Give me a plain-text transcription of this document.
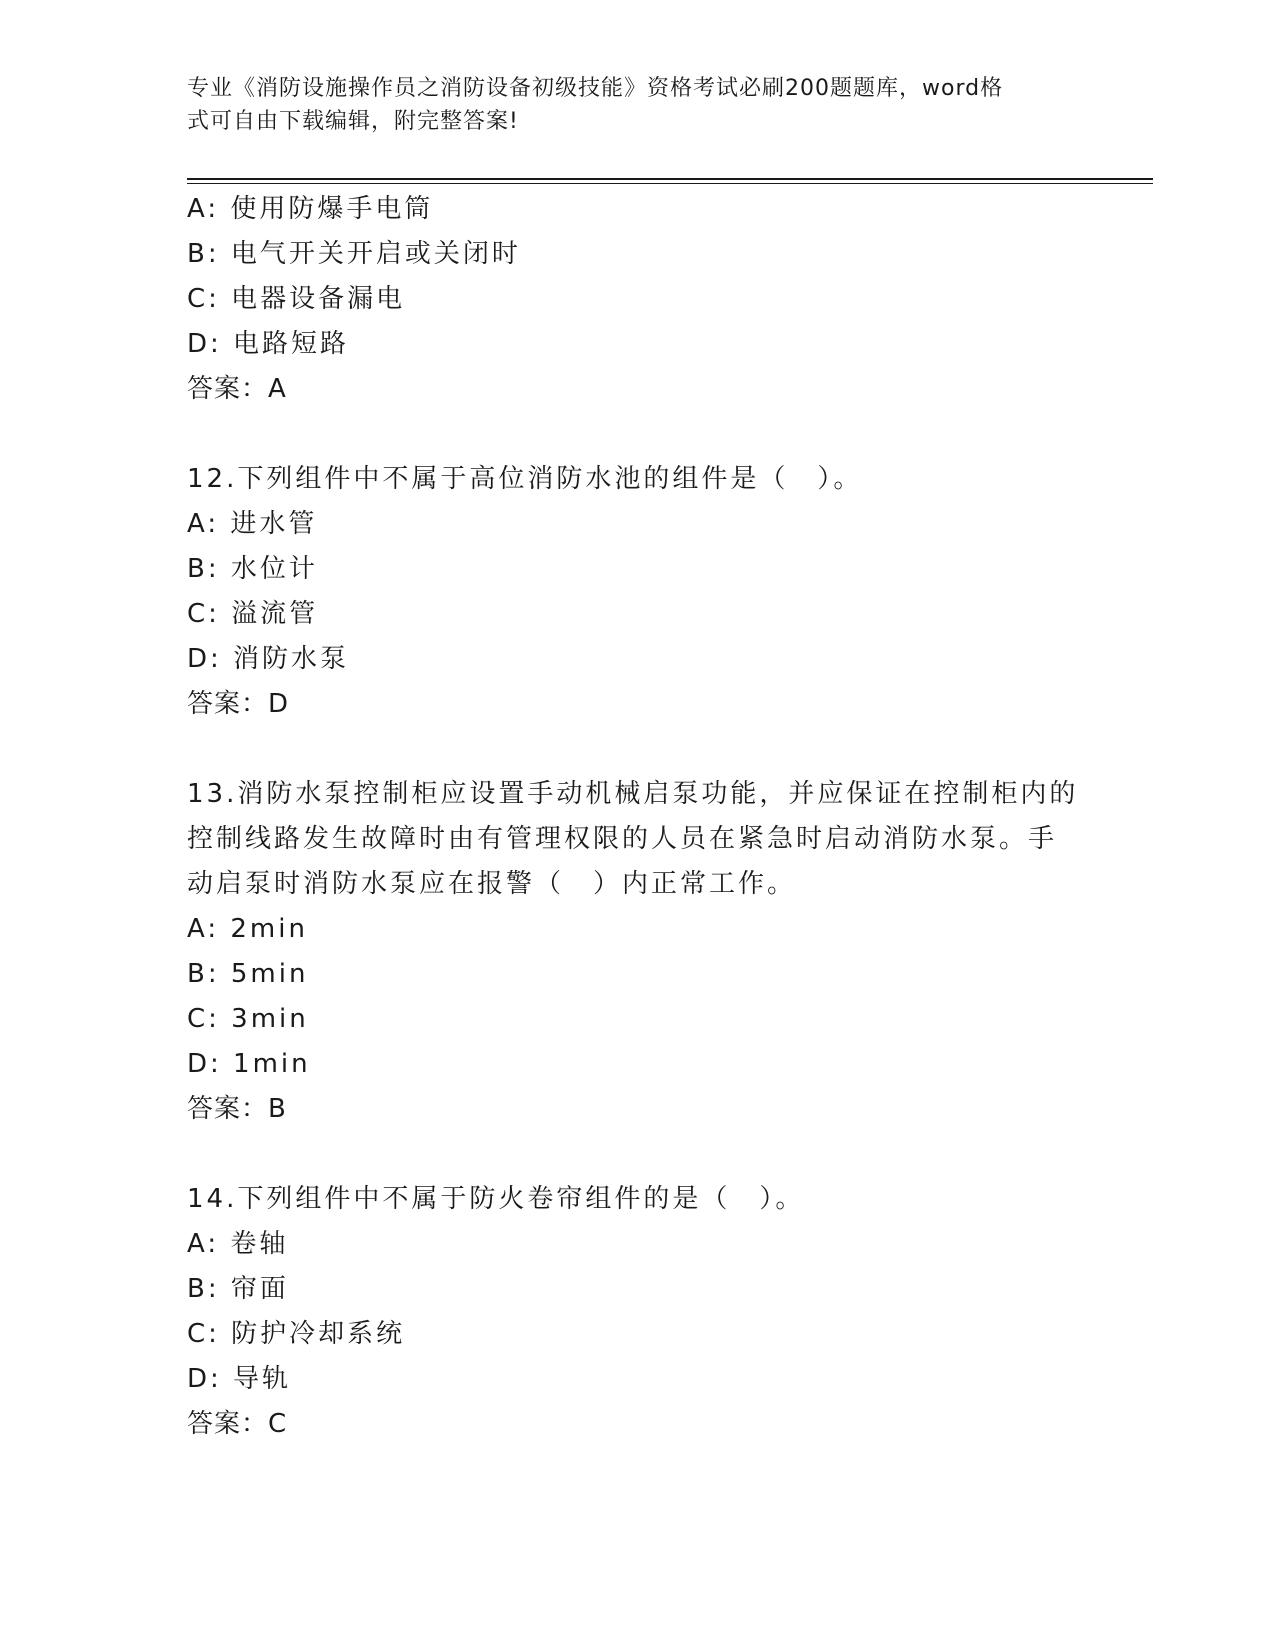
专业《消防设施操作员之消防设备初级技能》资格考试必刷200题题库，word格
式可自由下载编辑，附完整答案!
A: 使用防爆手电筒
B: 电气开关开启或关闭时
C: 电器设备漏电
D: 电路短路
答案：A
12.下列组件中不属于高位消防水池的组件是（　）。
A: 进水管
B: 水位计
C: 溢流管
D: 消防水泵
答案：D
13.消防水泵控制柜应设置手动机械启泵功能，并应保证在控制柜内的
控制线路发生故障时由有管理权限的人员在紧急时启动消防水泵。手
动启泵时消防水泵应在报警（　）内正常工作。
A: 2min
B: 5min
C: 3min
D: 1min
答案：B
14.下列组件中不属于防火卷帘组件的是（　）。
A: 卷轴
B: 帘面
C: 防护冷却系统
D: 导轨
答案：C
